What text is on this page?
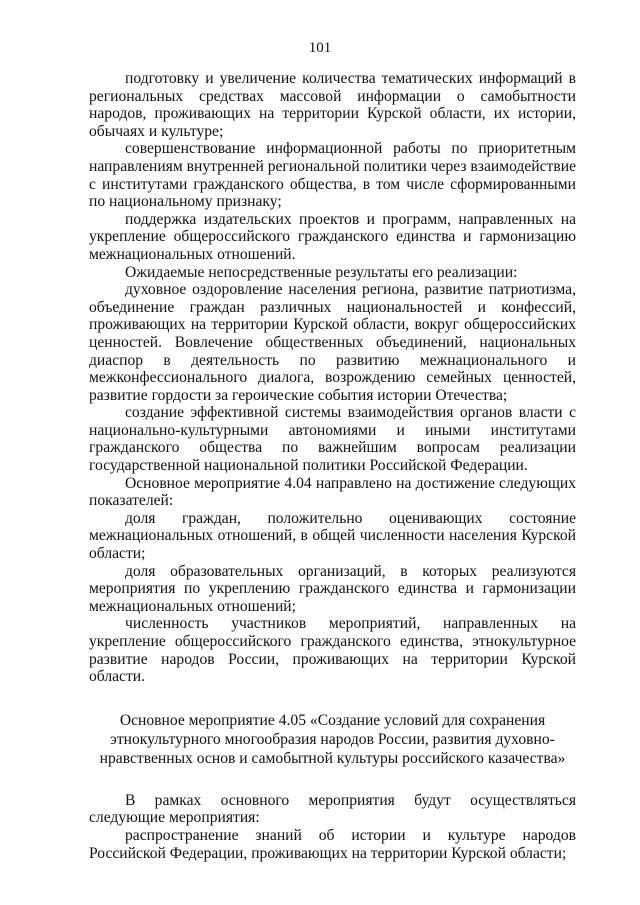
101

подготовку и увеличение количества тематических информаций в региональных средствах массовой информации о самобытности народов, проживающих на территории Курской области, их истории, обычаях и культуре;

совершенствование информационной работы по приоритетным направлениям внутренней региональной политики через взаимодействие с институтами гражданского общества, в том числе сформированными по национальному признаку;

поддержка издательских проектов и программ, направленных на укрепление общероссийского гражданского единства и гармонизацию межнациональных отношений.

Ожидаемые непосредственные результаты его реализации:

духовное оздоровление населения региона, развитие патриотизма, объединение граждан различных национальностей и конфессий, проживающих на территории Курской области, вокруг общероссийских ценностей. Вовлечение общественных объединений, национальных диаспор в деятельность по развитию межнационального и межконфессионального диалога, возрождению семейных ценностей, развитие гордости за героические события истории Отечества;

создание эффективной системы взаимодействия органов власти с национально-культурными автономиями и иными институтами гражданского общества по важнейшим вопросам реализации государственной национальной политики Российской Федерации.

Основное мероприятие 4.04 направлено на достижение следующих показателей:

доля граждан, положительно оценивающих состояние межнациональных отношений, в общей численности населения Курской области;

доля образовательных организаций, в которых реализуются мероприятия по укреплению гражданского единства и гармонизации межнациональных отношений;

численность участников мероприятий, направленных на укрепление общероссийского гражданского единства, этнокультурное развитие народов России, проживающих на территории Курской области.

Основное мероприятие 4.05 «Создание условий для сохранения этнокультурного многообразия народов России, развития духовно-нравственных основ и самобытной культуры российского казачества»

В рамках основного мероприятия будут осуществляться следующие мероприятия:

распространение знаний об истории и культуре народов Российской Федерации, проживающих на территории Курской области;
